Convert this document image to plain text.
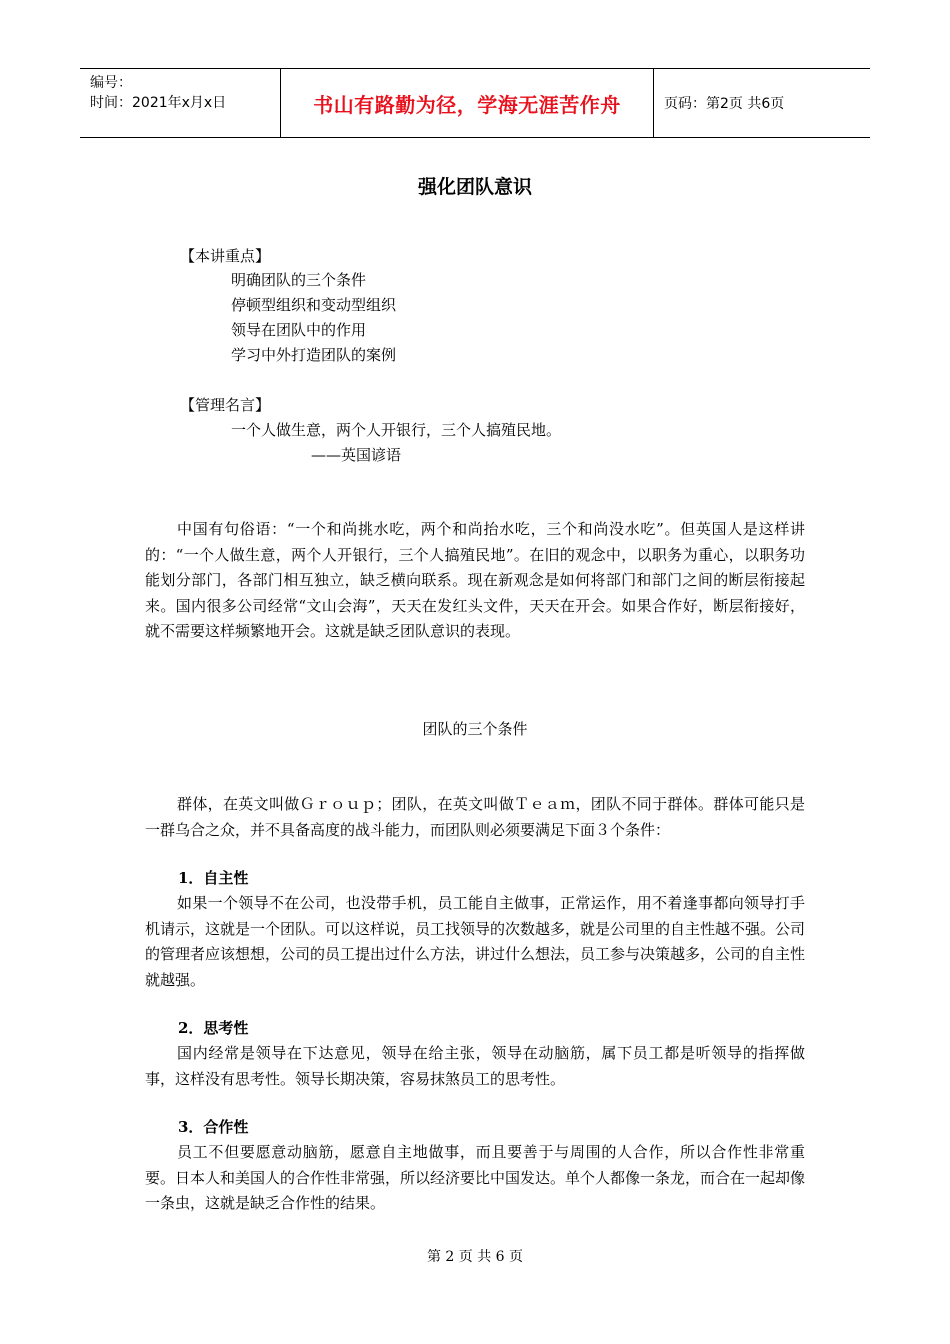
编号：
时间：2021年x月x日	书山有路勤为径，学海无涯苦作舟	页码：第2页 共6页
强化团队意识
【本讲重点】
明确团队的三个条件
停顿型组织和变动型组织
领导在团队中的作用
学习中外打造团队的案例
【管理名言】
一个人做生意，两个人开银行，三个人搞殖民地。
——英国谚语
中国有句俗语：“一个和尚挑水吃，两个和尚抬水吃，三个和尚没水吃”。但英国人是这样讲的：“一个人做生意，两个人开银行，三个人搞殖民地”。在旧的观念中，以职务为重心，以职务功能划分部门，各部门相互独立，缺乏横向联系。现在新观念是如何将部门和部门之间的断层衔接起来。国内很多公司经常“文山会海”，天天在发红头文件，天天在开会。如果合作好，断层衔接好，就不需要这样频繁地开会。这就是缺乏团队意识的表现。
团队的三个条件
群体，在英文叫做Ｇｒｏｕｐ；团队，在英文叫做Ｔｅａｍ，团队不同于群体。群体可能只是一群乌合之众，并不具备高度的战斗能力，而团队则必须要满足下面３个条件：
1．自主性
如果一个领导不在公司，也没带手机，员工能自主做事，正常运作，用不着逢事都向领导打手机请示，这就是一个团队。可以这样说，员工找领导的次数越多，就是公司里的自主性越不强。公司的管理者应该想想，公司的员工提出过什么方法，讲过什么想法，员工参与决策越多，公司的自主性就越强。
2．思考性
国内经常是领导在下达意见，领导在给主张，领导在动脑筋，属下员工都是听领导的指挥做事，这样没有思考性。领导长期决策，容易抹煞员工的思考性。
3．合作性
员工不但要愿意动脑筋，愿意自主地做事，而且要善于与周围的人合作，所以合作性非常重要。日本人和美国人的合作性非常强，所以经济要比中国发达。单个人都像一条龙，而合在一起却像一条虫，这就是缺乏合作性的结果。
第 2 页 共 6 页
